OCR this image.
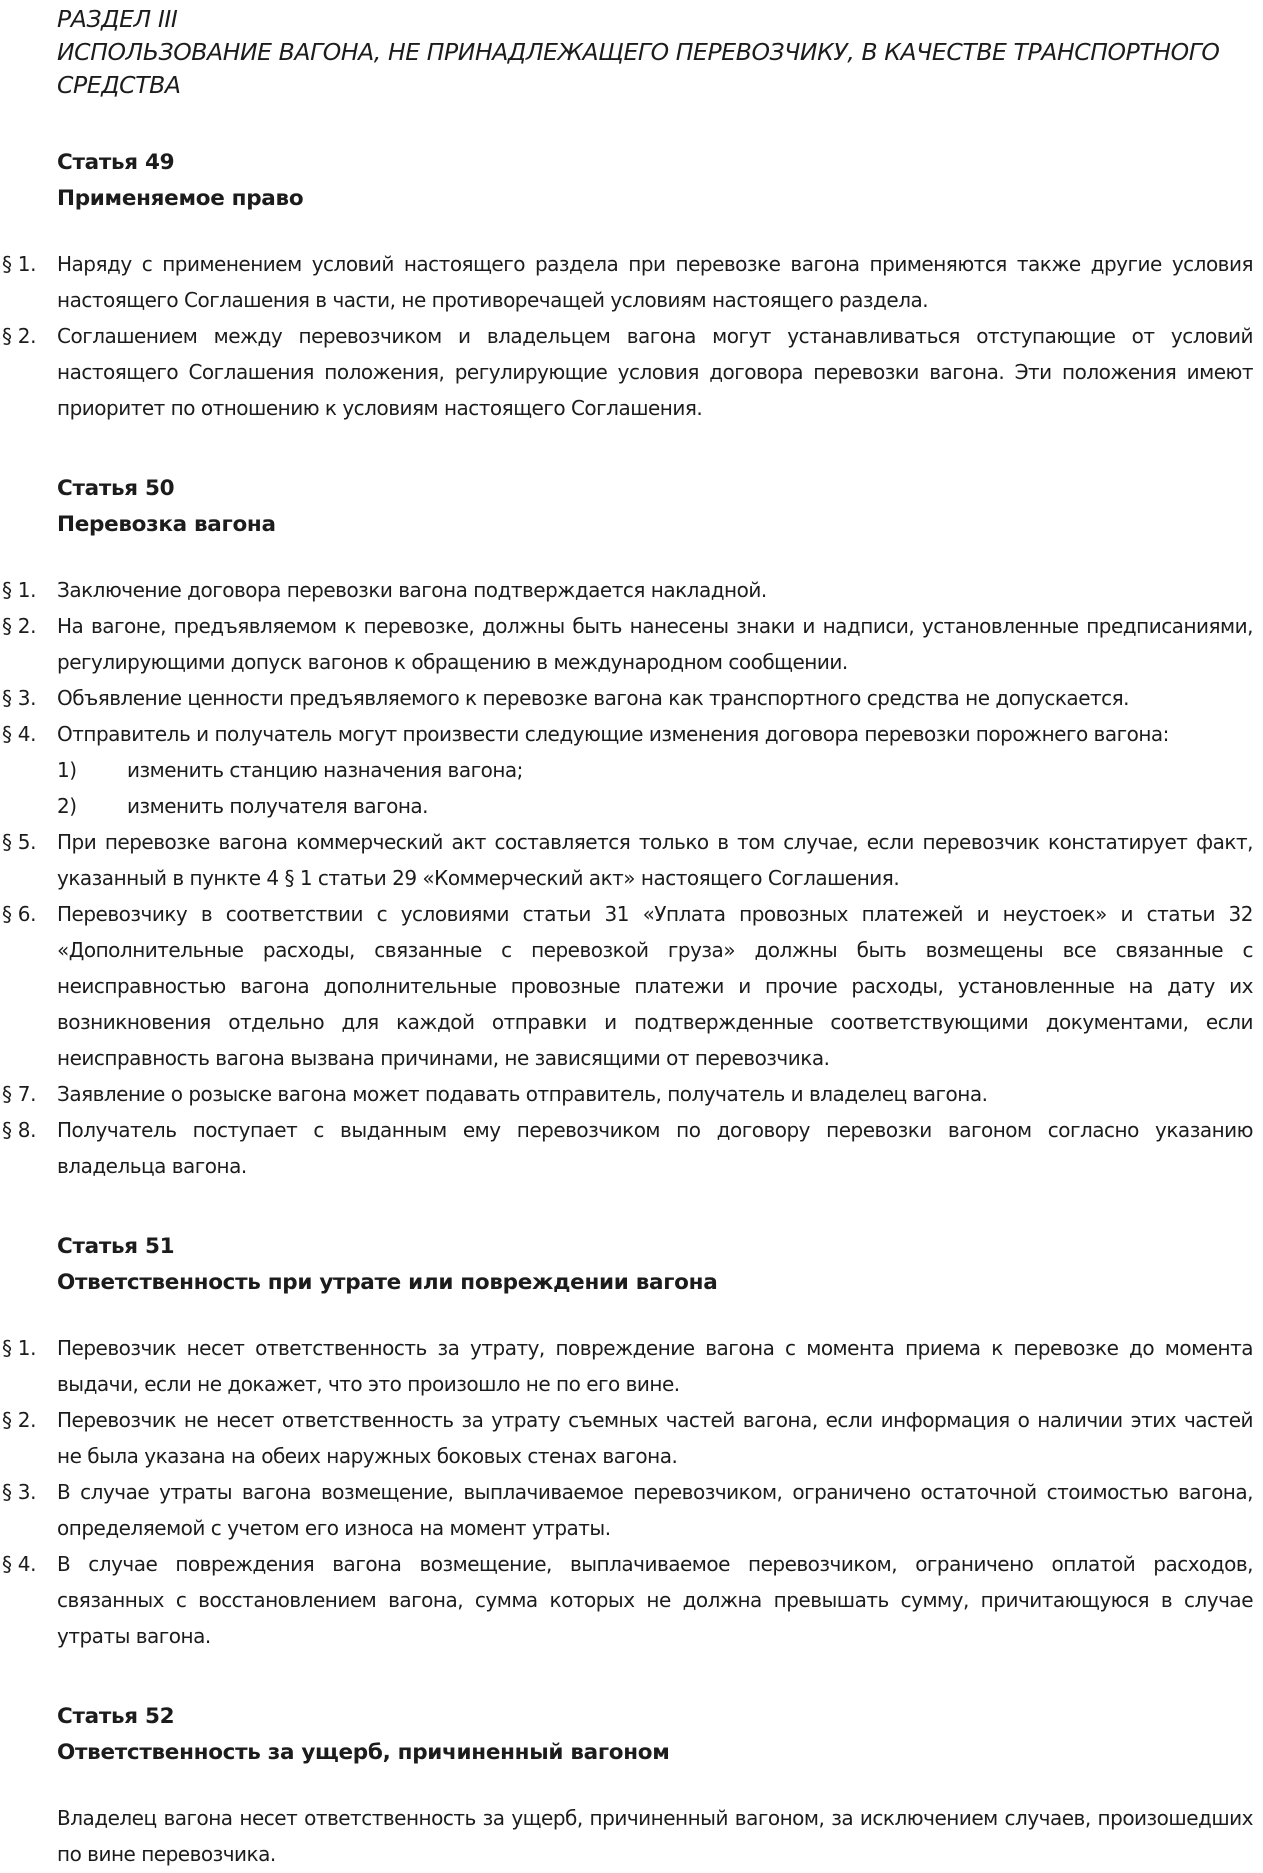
РАЗДЕЛ III
ИСПОЛЬЗОВАНИЕ ВАГОНА, НЕ ПРИНАДЛЕЖАЩЕГО ПЕРЕВОЗЧИКУ, В КАЧЕСТВЕ ТРАНСПОРТНОГО
СРЕДСТВА
Статья 49
Применяемое право
§ 1.	Наряду с применением условий настоящего раздела при перевозке вагона применяются также другие условия настоящего Соглашения в части, не противоречащей условиям настоящего раздела.
§ 2.	Соглашением между перевозчиком и владельцем вагона могут устанавливаться отступающие от условий настоящего Соглашения положения, регулирующие условия договора перевозки вагона. Эти положения имеют приоритет по отношению к условиям настоящего Соглашения.
Статья 50
Перевозка вагона
§ 1.	Заключение договора перевозки вагона подтверждается накладной.
§ 2.	На вагоне, предъявляемом к перевозке, должны быть нанесены знаки и надписи, установленные предписаниями, регулирующими допуск вагонов к обращению в международном сообщении.
§ 3.	Объявление ценности предъявляемого к перевозке вагона как транспортного средства не допускается.
§ 4.	Отправитель и получатель могут произвести следующие изменения договора перевозки порожнего вагона:
1)	изменить станцию назначения вагона;
2)	изменить получателя вагона.
§ 5.	При перевозке вагона коммерческий акт составляется только в том случае, если перевозчик констатирует факт, указанный в пункте 4 § 1 статьи 29 «Коммерческий акт» настоящего Соглашения.
§ 6.	Перевозчику в соответствии с условиями статьи 31 «Уплата провозных платежей и неустоек» и статьи 32 «Дополнительные расходы, связанные с перевозкой груза» должны быть возмещены все связанные с неисправностью вагона дополнительные провозные платежи и прочие расходы, установленные на дату их возникновения отдельно для каждой отправки и подтвержденные соответствующими документами, если неисправность вагона вызвана причинами, не зависящими от перевозчика.
§ 7.	Заявление о розыске вагона может подавать отправитель, получатель и владелец вагона.
§ 8.	Получатель поступает с выданным ему перевозчиком по договору перевозки вагоном согласно указанию владельца вагона.
Статья 51
Ответственность при утрате или повреждении вагона
§ 1.	Перевозчик несет ответственность за утрату, повреждение вагона с момента приема к перевозке до момента выдачи, если не докажет, что это произошло не по его вине.
§ 2.	Перевозчик не несет ответственность за утрату съемных частей вагона, если информация о наличии этих частей не была указана на обеих наружных боковых стенах вагона.
§ 3.	В случае утраты вагона возмещение, выплачиваемое перевозчиком, ограничено остаточной стоимостью вагона, определяемой с учетом его износа на момент утраты.
§ 4.	В случае повреждения вагона возмещение, выплачиваемое перевозчиком, ограничено оплатой расходов, связанных с восстановлением вагона, сумма которых не должна превышать сумму, причитающуюся в случае утраты вагона.
Статья 52
Ответственность за ущерб, причиненный вагоном
Владелец вагона несет ответственность за ущерб, причиненный вагоном, за исключением случаев, произошедших по вине перевозчика.
